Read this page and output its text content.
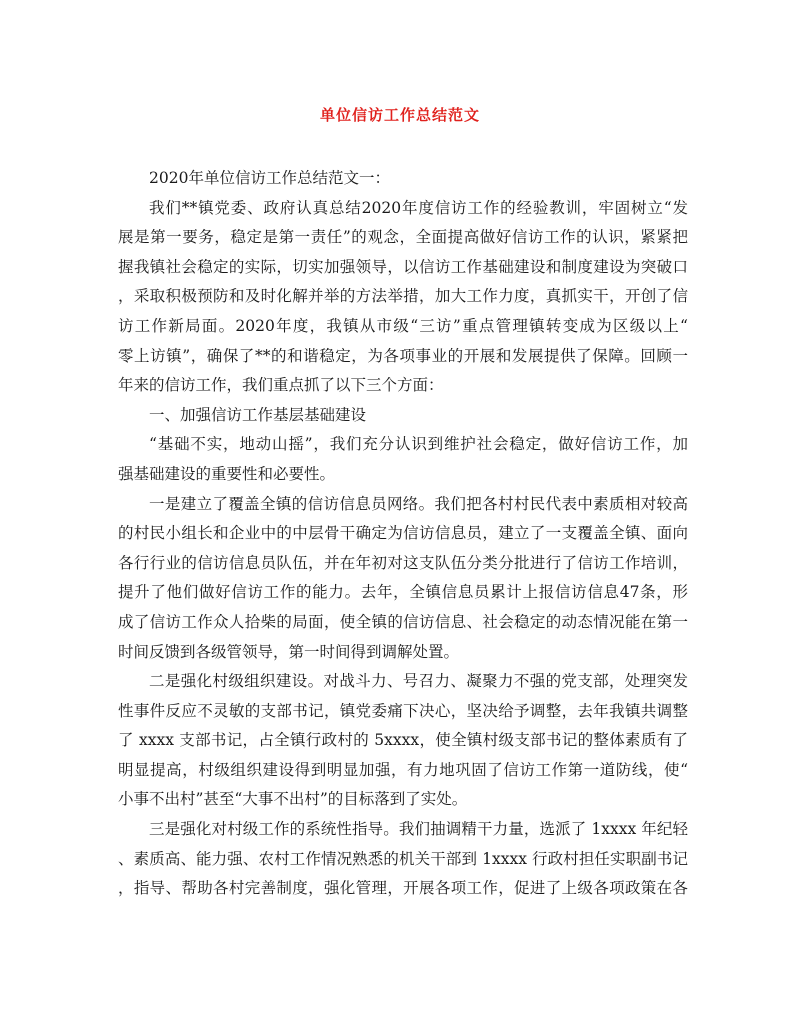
单位信访工作总结范文
2020年单位信访工作总结范文一：
我们**镇党委、政府认真总结2020年度信访工作的经验教训，牢固树立“发
展是第一要务，稳定是第一责任”的观念，全面提高做好信访工作的认识，紧紧把
握我镇社会稳定的实际，切实加强领导，以信访工作基础建设和制度建设为突破口
，采取积极预防和及时化解并举的方法举措，加大工作力度，真抓实干，开创了信
访工作新局面。2020年度，我镇从市级“三访”重点管理镇转变成为区级以上“
零上访镇”，确保了**的和谐稳定，为各项事业的开展和发展提供了保障。回顾一
年来的信访工作，我们重点抓了以下三个方面：
一、加强信访工作基层基础建设
“基础不实，地动山摇”，我们充分认识到维护社会稳定，做好信访工作，加
强基础建设的重要性和必要性。
一是建立了覆盖全镇的信访信息员网络。我们把各村村民代表中素质相对较高
的村民小组长和企业中的中层骨干确定为信访信息员，建立了一支覆盖全镇、面向
各行行业的信访信息员队伍，并在年初对这支队伍分类分批进行了信访工作培训，
提升了他们做好信访工作的能力。去年，全镇信息员累计上报信访信息47条，形
成了信访工作众人拾柴的局面，使全镇的信访信息、社会稳定的动态情况能在第一
时间反馈到各级管领导，第一时间得到调解处置。
二是强化村级组织建设。对战斗力、号召力、凝聚力不强的党支部，处理突发
性事件反应不灵敏的支部书记，镇党委痛下决心，坚决给予调整，去年我镇共调整
了 xxxx 支部书记，占全镇行政村的 5xxxx，使全镇村级支部书记的整体素质有了
明显提高，村级组织建设得到明显加强，有力地巩固了信访工作第一道防线，使“
小事不出村”甚至“大事不出村”的目标落到了实处。
三是强化对村级工作的系统性指导。我们抽调精干力量，选派了 1xxxx 年纪轻
、素质高、能力强、农村工作情况熟悉的机关干部到 1xxxx 行政村担任实职副书记
，指导、帮助各村完善制度，强化管理，开展各项工作，促进了上级各项政策在各
